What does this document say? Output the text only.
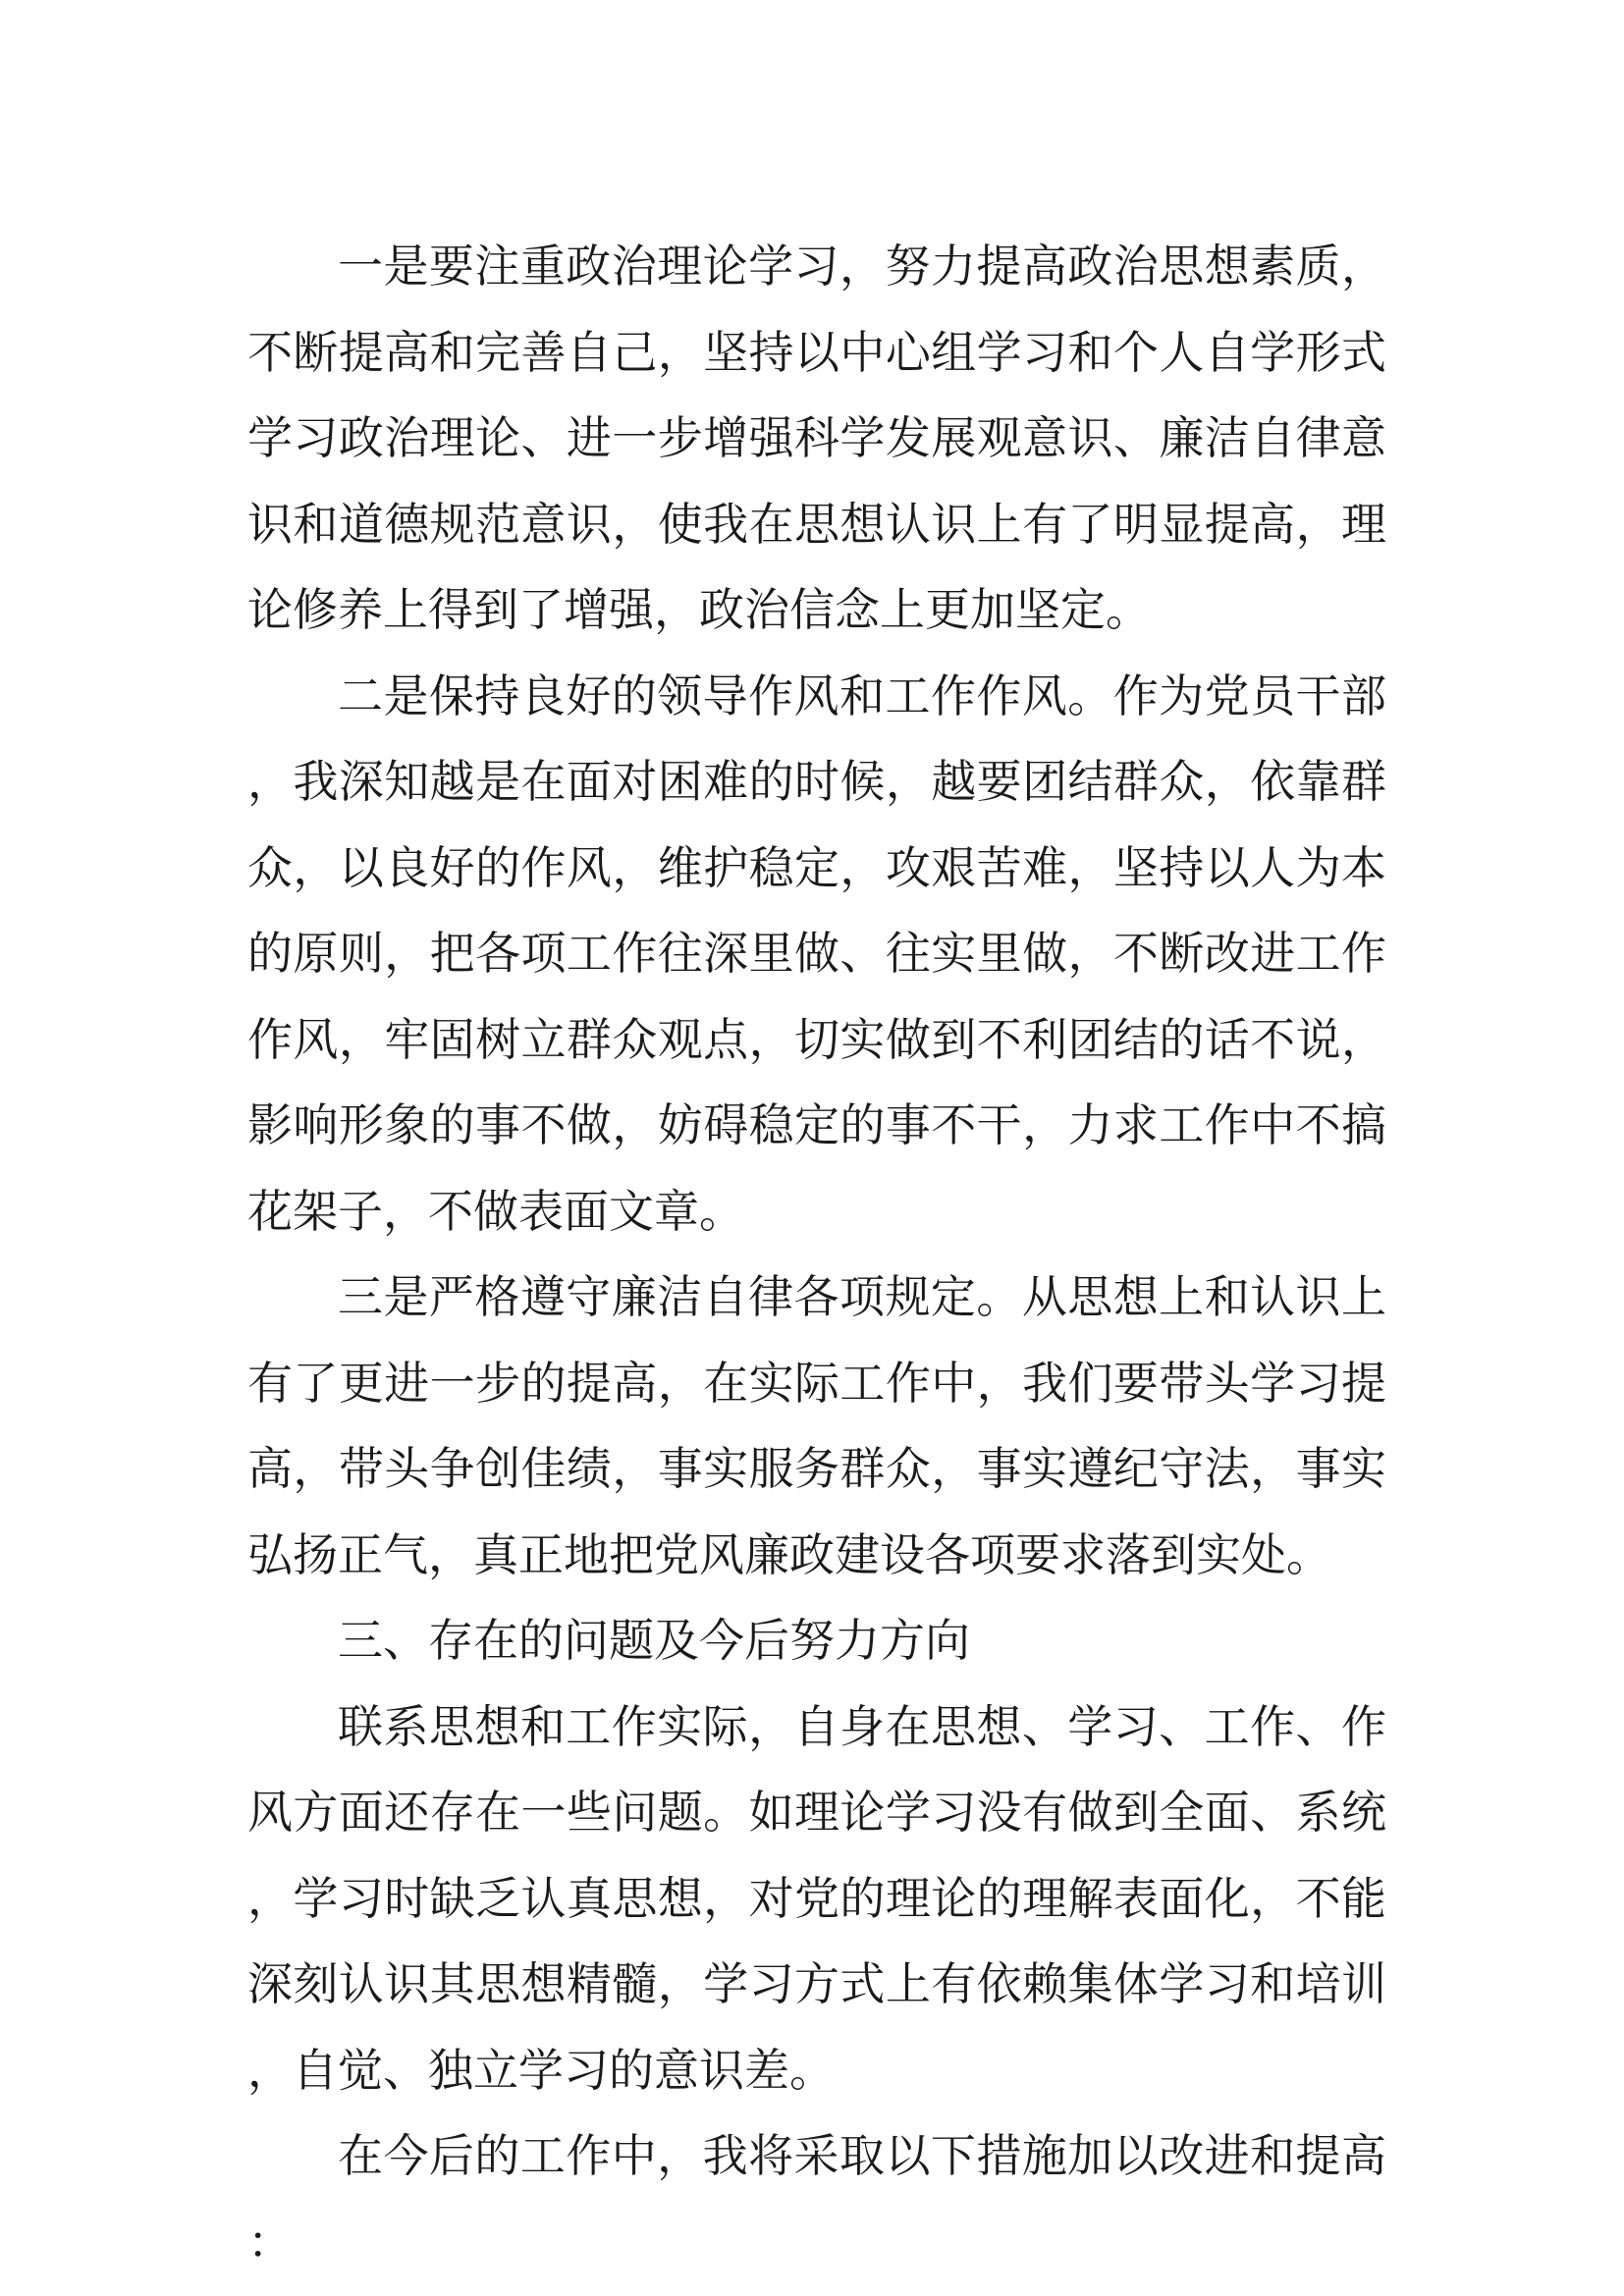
一是要注重政治理论学习，努力提高政治思想素质，不断提高和完善自己，坚持以中心组学习和个人自学形式学习政治理论、进一步增强科学发展观意识、廉洁自律意识和道德规范意识，使我在思想认识上有了明显提高，理论修养上得到了增强，政治信念上更加坚定。

二是保持良好的领导作风和工作作风。作为党员干部，我深知越是在面对困难的时候，越要团结群众，依靠群众，以良好的作风，维护稳定，攻艰苦难，坚持以人为本的原则，把各项工作往深里做、往实里做，不断改进工作作风，牢固树立群众观点，切实做到不利团结的话不说，影响形象的事不做，妨碍稳定的事不干，力求工作中不搞花架子，不做表面文章。

三是严格遵守廉洁自律各项规定。从思想上和认识上有了更进一步的提高，在实际工作中，我们要带头学习提高，带头争创佳绩，事实服务群众，事实遵纪守法，事实弘扬正气，真正地把党风廉政建设各项要求落到实处。

三、存在的问题及今后努力方向

联系思想和工作实际，自身在思想、学习、工作、作风方面还存在一些问题。如理论学习没有做到全面、系统，学习时缺乏认真思想，对党的理论的理解表面化，不能深刻认识其思想精髓，学习方式上有依赖集体学习和培训，自觉、独立学习的意识差。

在今后的工作中，我将采取以下措施加以改进和提高：
